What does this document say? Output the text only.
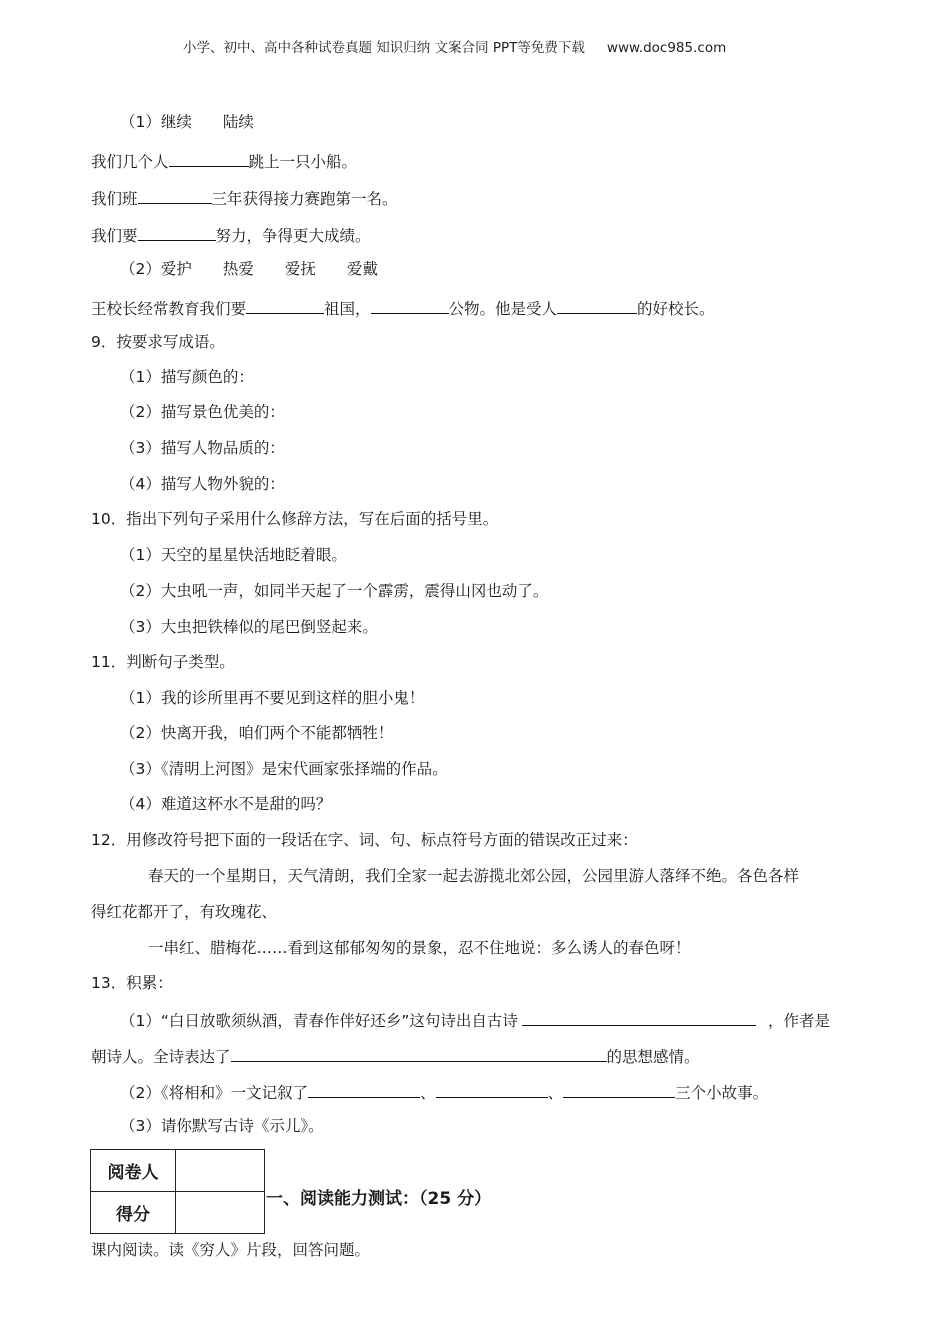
小学、初中、高中各种试卷真题 知识归纳 文案合同 PPT等免费下载 www.doc985.com
（1）继续　　陆续
我们几个人	跳上一只小船。
我们班	三年获得接力赛跑第一名。
我们要	努力，争得更大成绩。
（2）爱护　　热爱　　爱抚　　爱戴
王校长经常教育我们要	祖国，	公物。他是受人	的好校长。
9．按要求写成语。
（1）描写颜色的：
（2）描写景色优美的：
（3）描写人物品质的：
（4）描写人物外貌的：
10．指出下列句子采用什么修辞方法，写在后面的括号里。
（1）天空的星星快活地眨着眼。
（2）大虫吼一声，如同半天起了一个霹雳，震得山冈也动了。
（3）大虫把铁棒似的尾巴倒竖起来。
11．判断句子类型。
（1）我的诊所里再不要见到这样的胆小鬼！
（2）快离开我，咱们两个不能都牺牲！
（3）《清明上河图》是宋代画家张择端的作品。
（4）难道这杯水不是甜的吗？
12．用修改符号把下面的一段话在字、词、句、标点符号方面的错误改正过来：
春天的一个星期日，天气清朗，我们全家一起去游揽北郊公园，公园里游人落绎不绝。各色各样
得红花都开了，有玫瑰花、
一串红、腊梅花……看到这郁郁匆匆的景象，忍不住地说：多么诱人的春色呀！
13．积累：
（1）“白日放歌须纵酒，青春作伴好还乡”这句诗出自古诗	，作者是
朝诗人。全诗表达了	的思想感情。
（2）《将相和》一文记叙了	、	、	三个小故事。
（3）请你默写古诗《示儿》。
阅卷人	
得分	
一、阅读能力测试：（25 分）
课内阅读。读《穷人》片段，回答问题。
